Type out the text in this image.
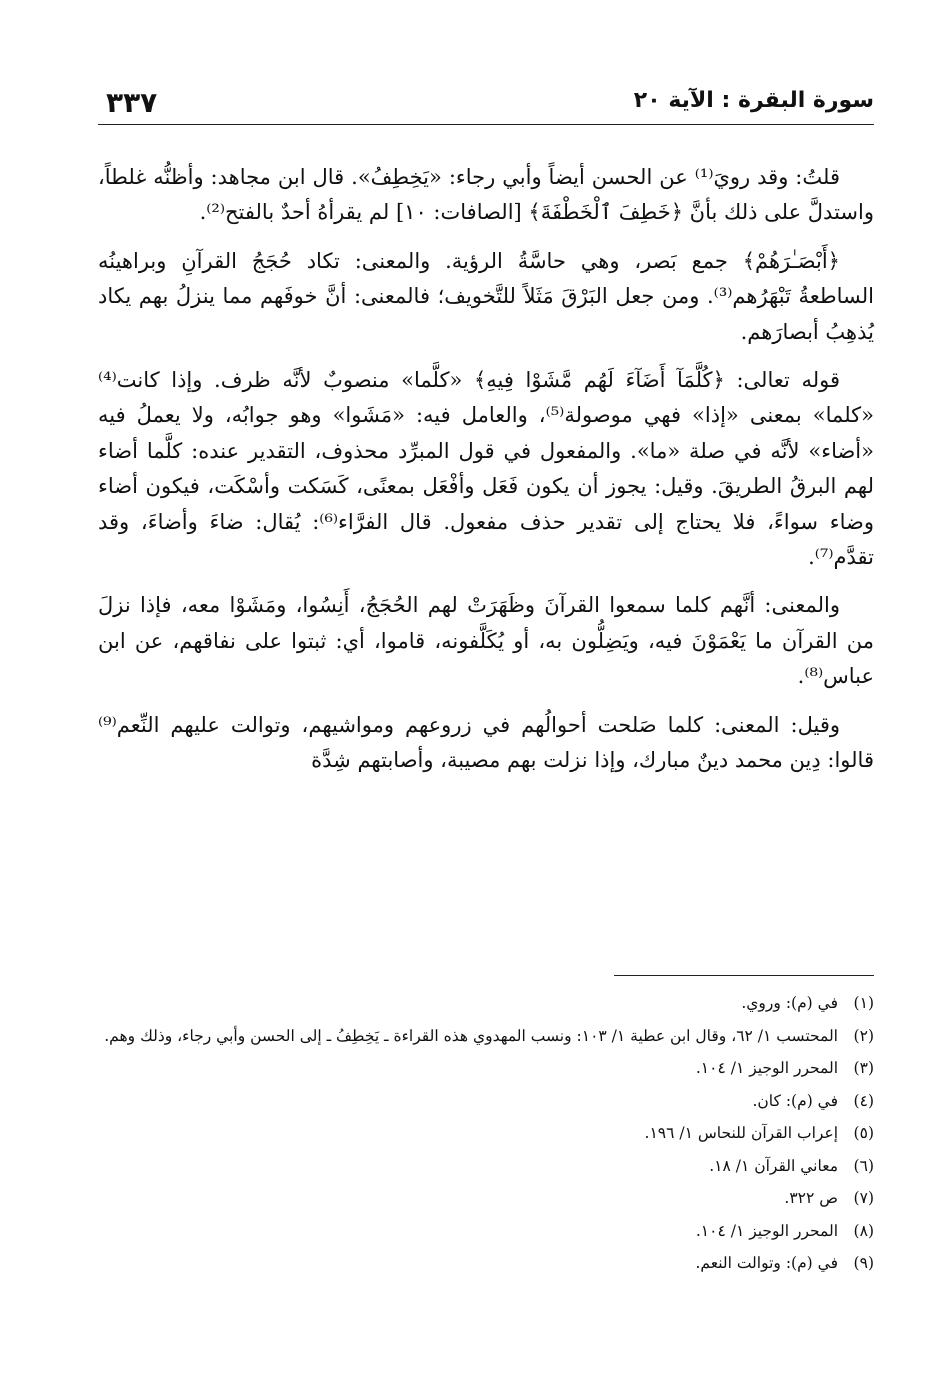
سورة البقرة : الآية ٢٠
٣٣٧

قلتُ: وقد رويَ⁽¹⁾ عن الحسن أيضاً وأبي رجاء: «يَخِطِفُ». قال ابن مجاهد: وأظنُّه غلطاً، واستدلَّ على ذلك بأنَّ ﴿خَطِفَ ٱلْخَطْفَةَ﴾ [الصافات: ١٠] لم يقرأهُ أحدٌ بالفتح⁽²⁾.

﴿أَبْصَـٰرَهُمْ﴾ جمع بَصر، وهي حاسَّةُ الرؤية. والمعنى: تكاد حُجَجُ القرآنِ وبراهينُه الساطعةُ تَبْهَرُهم⁽³⁾. ومن جعل البَرْقَ مَثَلاً للتَّخويف؛ فالمعنى: أنَّ خوفَهم مما ينزلُ بهم يكاد يُذهِبُ أبصارَهم.

قوله تعالى: ﴿كُلَّمَآ أَضَآءَ لَهُم مَّشَوْا فِيهِ﴾ «كلَّما» منصوبٌ لأنَّه ظرف. وإذا كانت⁽⁴⁾ «كلما» بمعنى «إذا» فهي موصولة⁽⁵⁾، والعامل فيه: «مَشَوا» وهو جوابُه، ولا يعملُ فيه «أضاء» لأنَّه في صلة «ما». والمفعول في قول المبرِّد محذوف، التقدير عنده: كلَّما أضاء لهم البرقُ الطريقَ. وقيل: يجوز أن يكون فَعَل وأفْعَل بمعنًى، كَسَكت وأسْكَت، فيكون أضاء وضاء سواءً، فلا يحتاج إلى تقدير حذف مفعول. قال الفرَّاء⁽⁶⁾: يُقال: ضاءَ وأضاءَ، وقد تقدَّم⁽⁷⁾.

والمعنى: أنَّهم كلما سمعوا القرآنَ وظَهَرَتْ لهم الحُجَجُ، أَنِسُوا، ومَشَوْا معه، فإذا نزلَ من القرآن ما يَعْمَوْنَ فيه، ويَضِلُّون به، أو يُكَلَّفونه، قاموا، أي: ثبتوا على نفاقهم، عن ابن عباس⁽⁸⁾.

وقيل: المعنى: كلما صَلحت أحوالُهم في زروعهم ومواشيهم، وتوالت عليهم النِّعم⁽⁹⁾ قالوا: دِين محمد دينٌ مبارك، وإذا نزلت بهم مصيبة، وأصابتهم شِدَّة

(١)
في (م): وروي.
(٢)
المحتسب ١/ ٦٢، وقال ابن عطية ١/ ١٠٣: ونسب المهدوي هذه القراءة ـ يَخِطِفُ ـ إلى الحسن وأبي رجاء، وذلك وهم.
(٣)
المحرر الوجيز ١/ ١٠٤.
(٤)
في (م): كان.
(٥)
إعراب القرآن للنحاس ١/ ١٩٦.
(٦)
معاني القرآن ١/ ١٨.
(٧)
ص ٣٢٢.
(٨)
المحرر الوجيز ١/ ١٠٤.
(٩)
في (م): وتوالت النعم.
